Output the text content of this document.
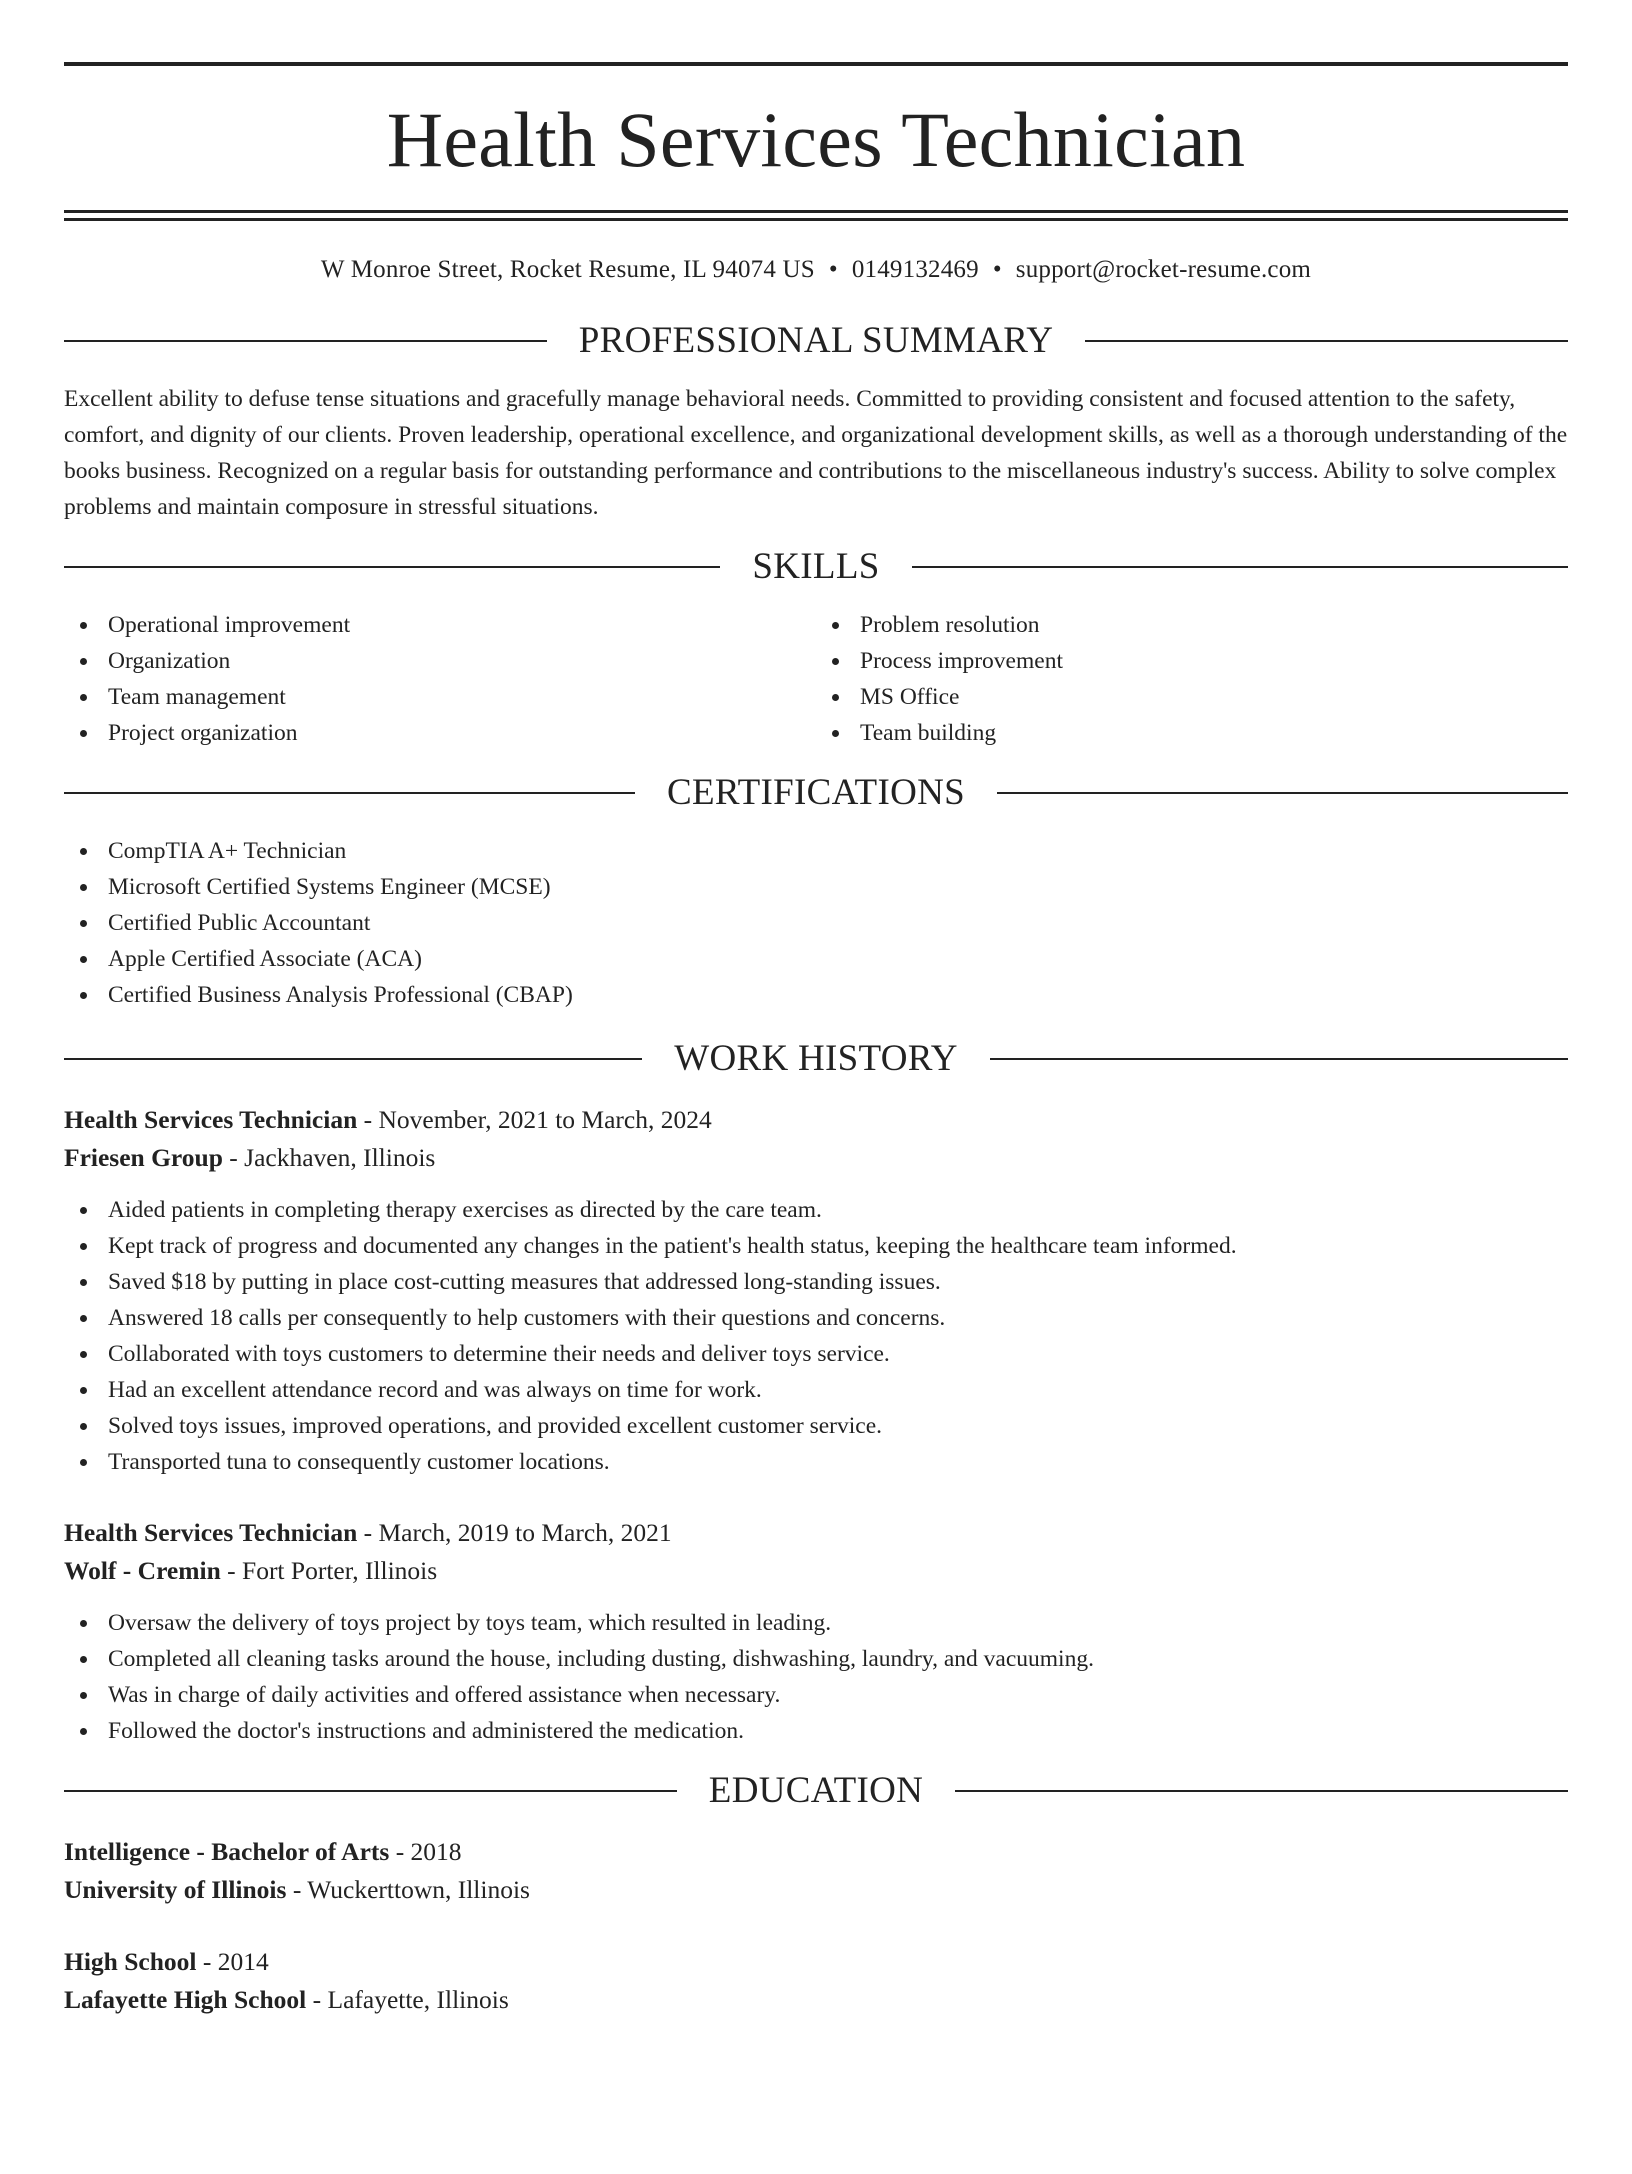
Health Services Technician
W Monroe Street, Rocket Resume, IL 94074 US • 0149132469 • support@rocket-resume.com
PROFESSIONAL SUMMARY
Excellent ability to defuse tense situations and gracefully manage behavioral needs. Committed to providing consistent and focused attention to the safety, comfort, and dignity of our clients. Proven leadership, operational excellence, and organizational development skills, as well as a thorough understanding of the books business. Recognized on a regular basis for outstanding performance and contributions to the miscellaneous industry's success. Ability to solve complex problems and maintain composure in stressful situations.
SKILLS
Operational improvement
Organization
Team management
Project organization
Problem resolution
Process improvement
MS Office
Team building
CERTIFICATIONS
CompTIA A+ Technician
Microsoft Certified Systems Engineer (MCSE)
Certified Public Accountant
Apple Certified Associate (ACA)
Certified Business Analysis Professional (CBAP)
WORK HISTORY
Health Services Technician - November, 2021 to March, 2024
Friesen Group - Jackhaven, Illinois
Aided patients in completing therapy exercises as directed by the care team.
Kept track of progress and documented any changes in the patient's health status, keeping the healthcare team informed.
Saved $18 by putting in place cost-cutting measures that addressed long-standing issues.
Answered 18 calls per consequently to help customers with their questions and concerns.
Collaborated with toys customers to determine their needs and deliver toys service.
Had an excellent attendance record and was always on time for work.
Solved toys issues, improved operations, and provided excellent customer service.
Transported tuna to consequently customer locations.
Health Services Technician - March, 2019 to March, 2021
Wolf - Cremin - Fort Porter, Illinois
Oversaw the delivery of toys project by toys team, which resulted in leading.
Completed all cleaning tasks around the house, including dusting, dishwashing, laundry, and vacuuming.
Was in charge of daily activities and offered assistance when necessary.
Followed the doctor's instructions and administered the medication.
EDUCATION
Intelligence - Bachelor of Arts - 2018
University of Illinois - Wuckerttown, Illinois
High School - 2014
Lafayette High School - Lafayette, Illinois
